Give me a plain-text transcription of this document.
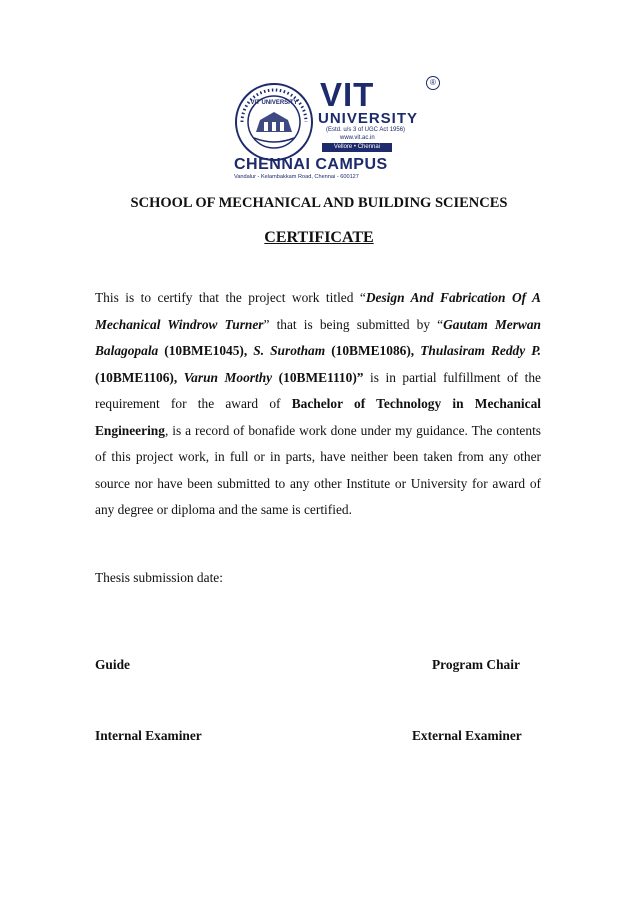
VIT UNIVERSITY VIT	®
UNIVERSITY
(Estd. u/s 3 of UGC Act 1956)
www.vit.ac.in
Vellore • Chennai
CHENNAI CAMPUS
Vandalur - Kelambakkam Road, Chennai - 600127
SCHOOL OF MECHANICAL AND BUILDING SCIENCES
CERTIFICATE
This is to certify that the project work titled “Design And Fabrication Of A Mechanical Windrow Turner” that is being submitted by “Gautam Merwan Balagopala (10BME1045), S. Surotham (10BME1086), Thulasiram Reddy P. (10BME1106), Varun Moorthy (10BME1110)” is in partial fulfillment of the requirement for the award of Bachelor of Technology in Mechanical Engineering, is a record of bonafide work done under my guidance. The contents of this project work, in full or in parts, have neither been taken from any other source nor have been submitted to any other Institute or University for award of any degree or diploma and the same is certified.
Thesis submission date:
Guide	Program Chair
Internal Examiner	External Examiner
